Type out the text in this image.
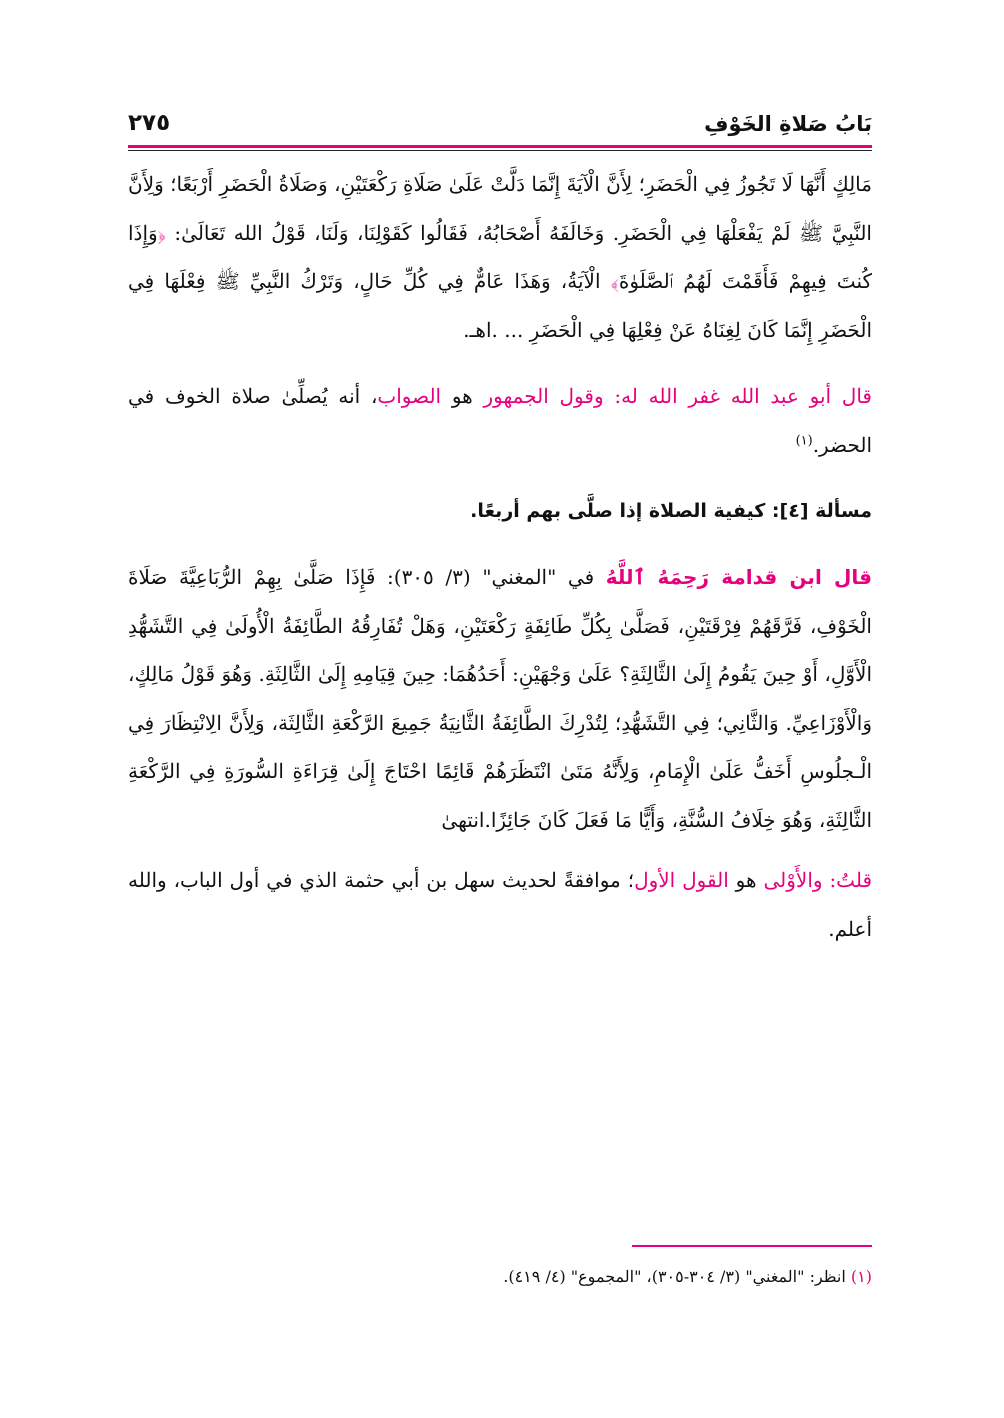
بَابُ صَلاةِ الخَوْفِ
٢٧٥

مَالِكٍ أَنَّهَا لَا تَجُوزُ فِي الْحَضَرِ؛ لِأَنَّ الْآيَةَ إِنَّمَا دَلَّتْ عَلَىٰ صَلَاةِ رَكْعَتَيْنِ، وَصَلَاةُ الْحَضَرِ أَرْبَعًا؛ وَلِأَنَّ النَّبِيَّ ﷺ لَمْ يَفْعَلْهَا فِي الْحَضَرِ. وَخَالَفَهُ أَصْحَابُهُ، فَقَالُوا كَقَوْلِنَا، وَلَنَا، قَوْلُ الله تَعَالَىٰ: ﴿وَإِذَا كُنتَ فِيهِمْ فَأَقَمْتَ لَهُمُ ٱلصَّلَوٰةَ﴾ الْآيَةُ، وَهَذَا عَامٌّ فِي كُلِّ حَالٍ، وَتَرْكُ النَّبِيِّ ﷺ فِعْلَهَا فِي الْحَضَرِ إِنَّمَا كَانَ لِغِنَاهُ عَنْ فِعْلِهَا فِي الْحَضَرِ ... .اهـ.

قال أبو عبد الله غفر الله له: وقول الجمهور هو الصواب، أنه يُصلِّىٰ صلاة الخوف في الحضر.$^{(١)}$

مسألة [٤]: كيفية الصلاة إذا صلَّى بهم أربعًا.

قال ابن قدامة رَحِمَهُ ٱللَّهُ في "المغني" (٣/ ٣٠٥): فَإِذَا صَلَّىٰ بِهِمْ الرُّبَاعِيَّةَ صَلَاةَ الْخَوْفِ، فَرَّقَهُمْ فِرْقَتَيْنِ، فَصَلَّىٰ بِكُلِّ طَائِفَةٍ رَكْعَتَيْنِ، وَهَلْ تُفَارِقُهُ الطَّائِفَةُ الْأُولَىٰ فِي التَّشَهُّدِ الْأَوَّلِ، أَوْ حِينَ يَقُومُ إِلَىٰ الثَّالِثَةِ؟ عَلَىٰ وَجْهَيْنِ: أَحَدُهُمَا: حِينَ قِيَامِهِ إِلَىٰ الثَّالِثَةِ. وَهُوَ قَوْلُ مَالِكٍ، وَالْأَوْزَاعِيِّ. وَالثَّانِي؛ فِي التَّشَهُّدِ؛ لِتُدْرِكَ الطَّائِفَةُ الثَّانِيَةُ جَمِيعَ الرَّكْعَةِ الثَّالِثَة، وَلِأَنَّ الِانْتِظَارَ فِي الْـجلُوسِ أَخَفُّ عَلَىٰ الْإِمَامِ، وَلِأَنَّهُ مَتَىٰ انْتَظَرَهُمْ قَائِمًا احْتَاجَ إِلَىٰ قِرَاءَةِ السُّورَةِ فِي الرَّكْعَةِ الثَّالِثَةِ، وَهُوَ خِلَافُ السُّنَّةِ، وَأَيًّا مَا فَعَلَ كَانَ جَائِزًا.انتهىٰ

قلتُ: والأَوْلى هو القول الأول؛ موافقةً لحديث سهل بن أبي حثمة الذي في أول الباب، والله أعلم.

(١) انظر: "المغني" (٣/ ٣٠٤-٣٠٥)، "المجموع" (٤/ ٤١٩).
